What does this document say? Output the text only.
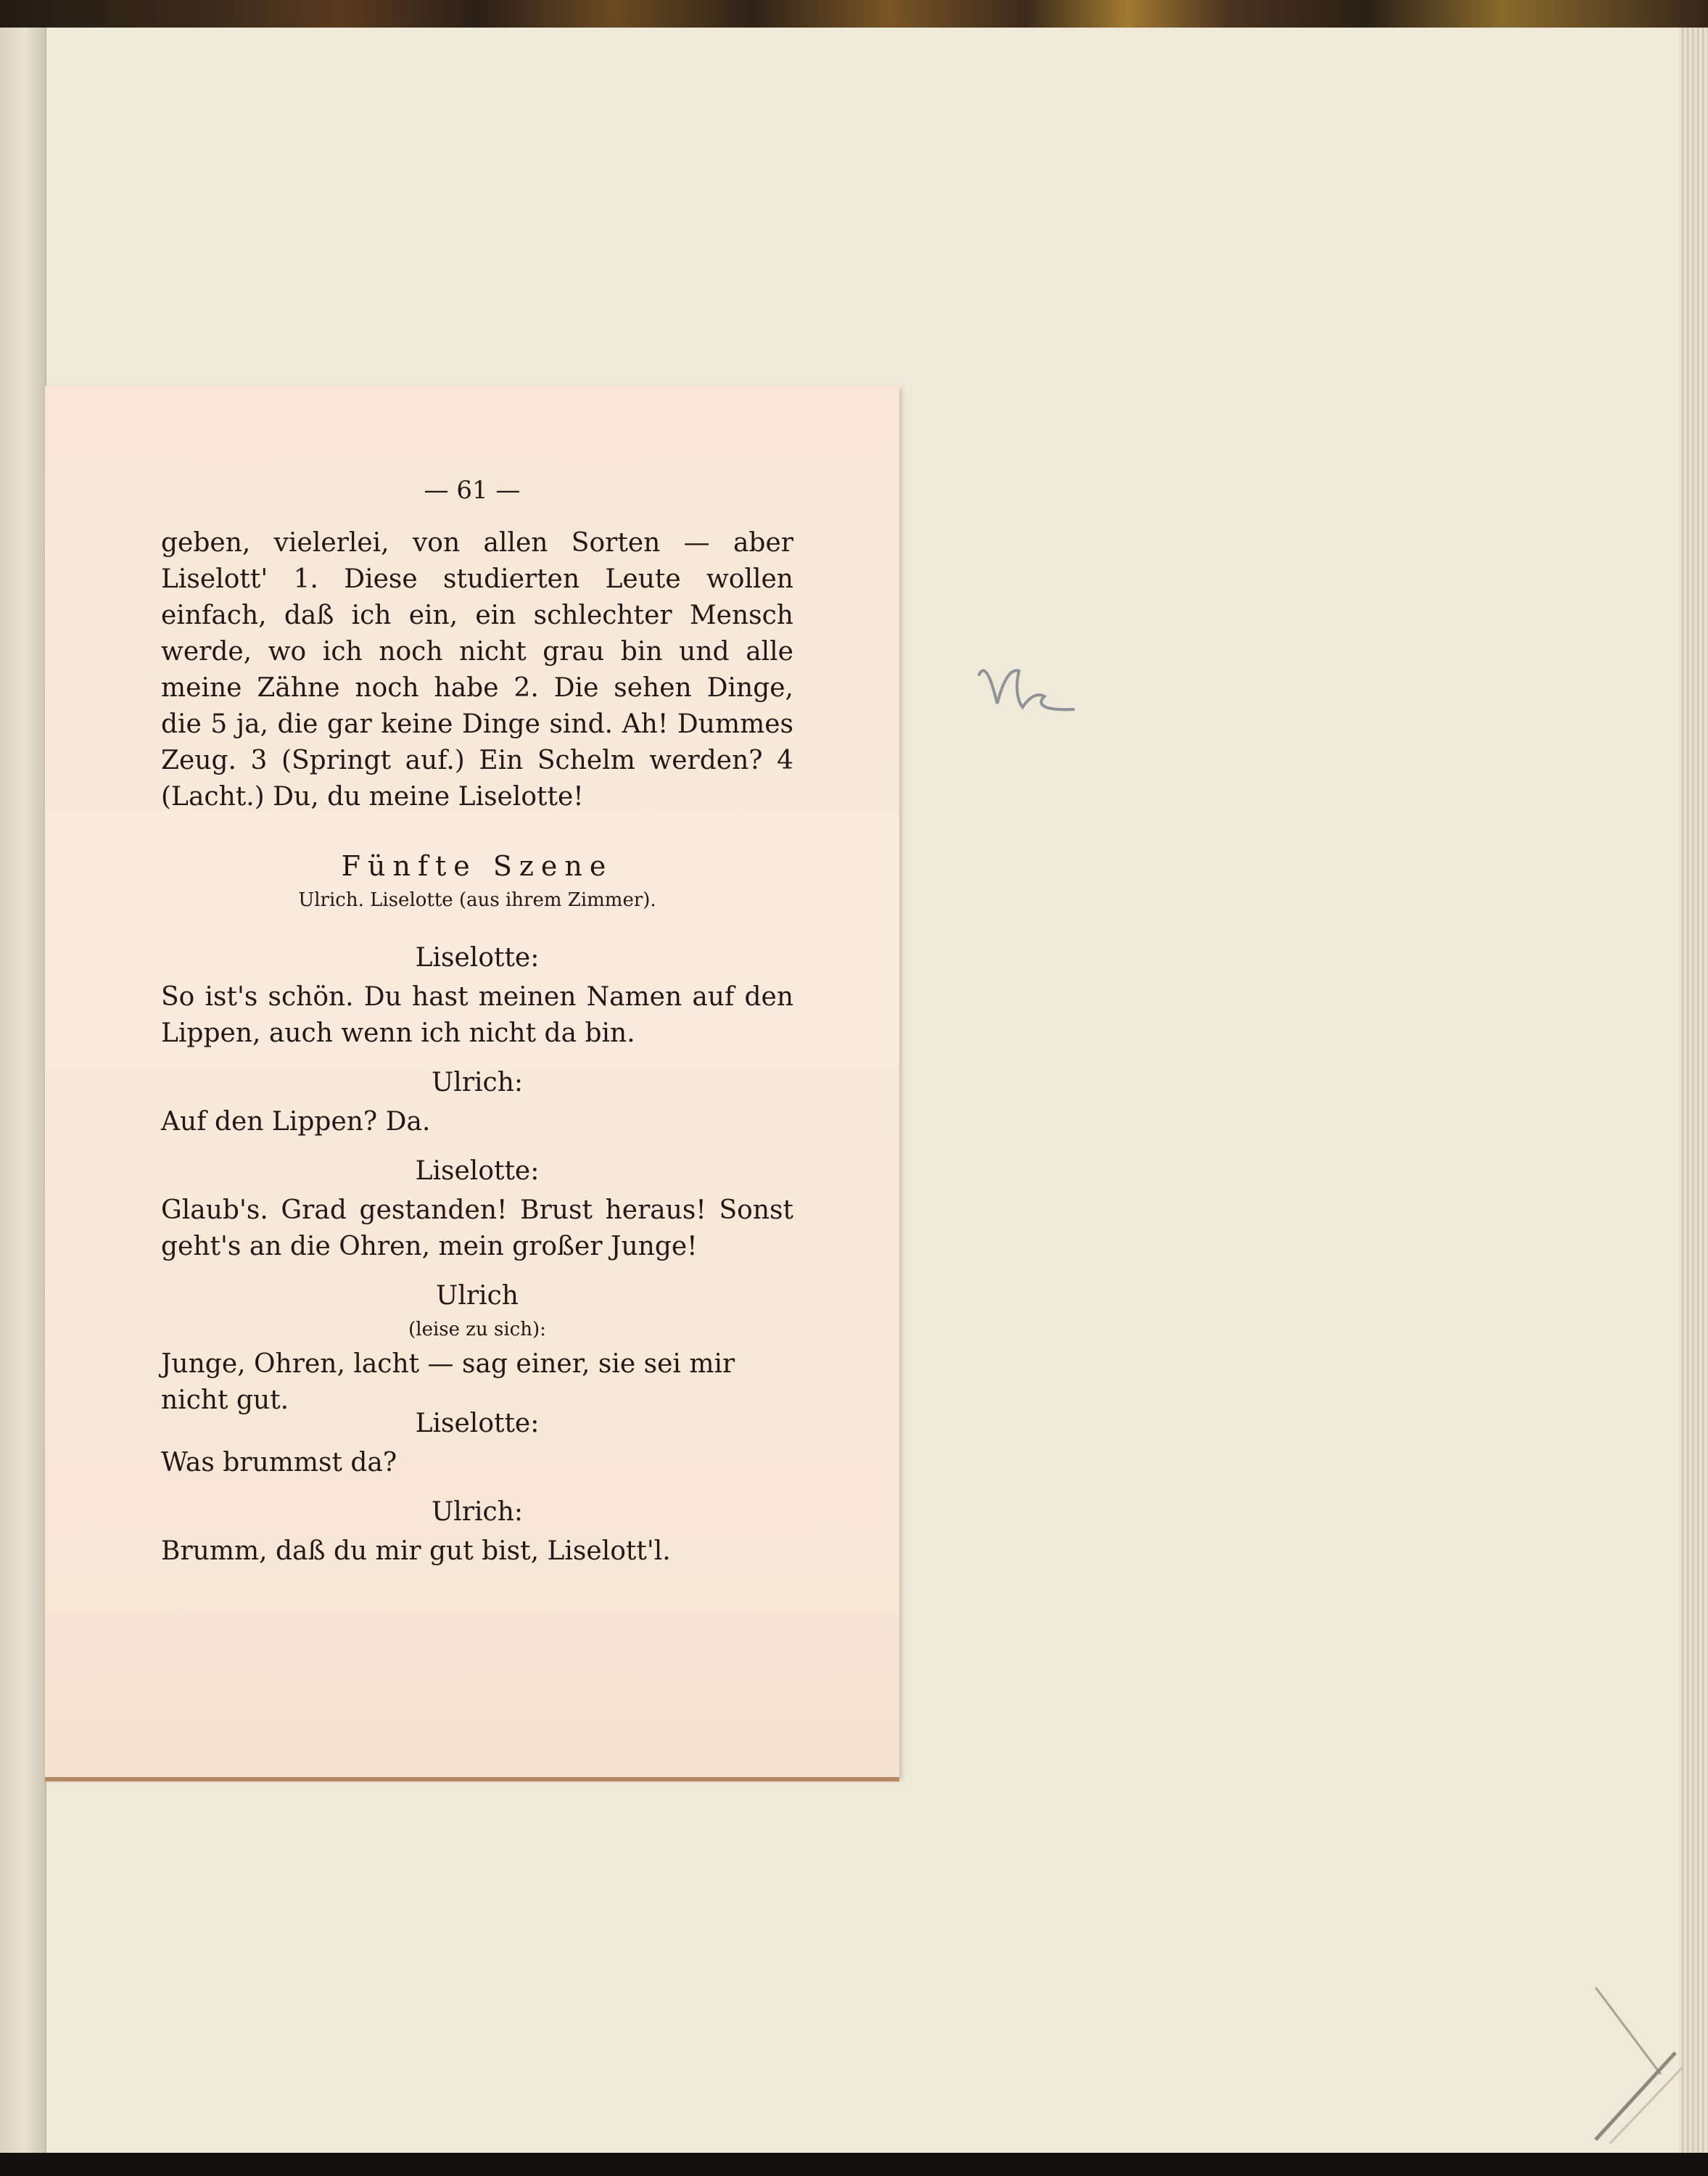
— 61 —
geben, vielerlei, von allen Sorten — aber Liselott' 1. Diese studierten Leute wollen einfach, daß ich ein, ein schlechter Mensch werde, wo ich noch nicht grau bin und alle meine Zähne noch habe 2. Die sehen Dinge, die 5 ja, die gar keine Dinge sind. Ah! Dummes Zeug. 3 (Springt auf.) Ein Schelm werden? 4 (Lacht.) Du, du meine Liselotte!
Fünfte Szene
Ulrich. Liselotte (aus ihrem Zimmer).
Liselotte:
So ist's schön. Du hast meinen Namen auf den Lippen, auch wenn ich nicht da bin.
Ulrich:
Auf den Lippen? Da.
Liselotte:
Glaub's. Grad gestanden! Brust heraus! Sonst geht's an die Ohren, mein großer Junge!
Ulrich
(leise zu sich):
Junge, Ohren, lacht — sag einer, sie sei mir nicht gut.
Liselotte:
Was brummst da?
Ulrich:
Brumm, daß du mir gut bist, Liselott'l.
